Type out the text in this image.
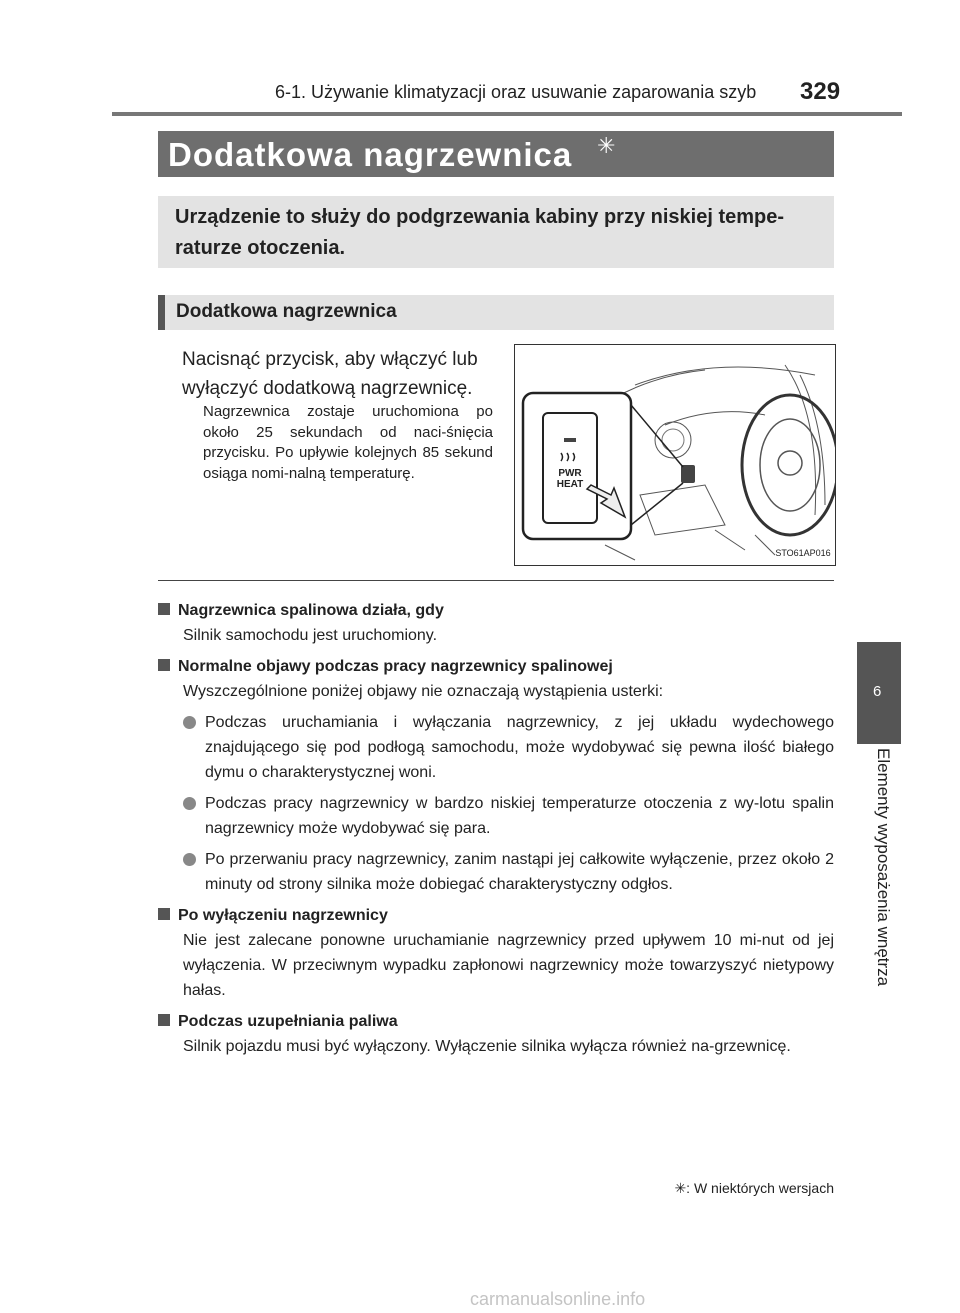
6-1. Używanie klimatyzacji oraz usuwanie zaparowania szyb 329
Dodatkowa nagrzewnica ✳
Urządzenie to służy do podgrzewania kabiny przy niskiej tempe-raturze otoczenia.
Dodatkowa nagrzewnica
Nacisnąć przycisk, aby włączyć lub wyłączyć dodatkową nagrzewnicę.
Nagrzewnica zostaje uruchomiona po około 25 sekundach od naci-śnięcia przycisku. Po upływie kolejnych 85 sekund osiąga nomi-nalną temperaturę.	PWR
HEAT
STO61AP016
Nagrzewnica spalinowa działa, gdy
Silnik samochodu jest uruchomiony.
Normalne objawy podczas pracy nagrzewnicy spalinowej
Wyszczególnione poniżej objawy nie oznaczają wystąpienia usterki:
Podczas uruchamiania i wyłączania nagrzewnicy, z jej układu wydechowego znajdującego się pod podłogą samochodu, może wydobywać się pewna ilość białego dymu o charakterystycznej woni.
Podczas pracy nagrzewnicy w bardzo niskiej temperaturze otoczenia z wy-lotu spalin nagrzewnicy może wydobywać się para.
Po przerwaniu pracy nagrzewnicy, zanim nastąpi jej całkowite wyłączenie, przez około 2 minuty od strony silnika może dobiegać charakterystyczny odgłos.
Po wyłączeniu nagrzewnicy
Nie jest zalecane ponowne uruchamianie nagrzewnicy przed upływem 10 mi-nut od jej wyłączenia. W przeciwnym wypadku zapłonowi nagrzewnicy może towarzyszyć nietypowy hałas.
Podczas uzupełniania paliwa
Silnik pojazdu musi być wyłączony. Wyłączenie silnika wyłącza również na-grzewnicę.
✳: W niektórych wersjach
6
Elementy wyposażenia wnętrza
carmanualsonline.info
